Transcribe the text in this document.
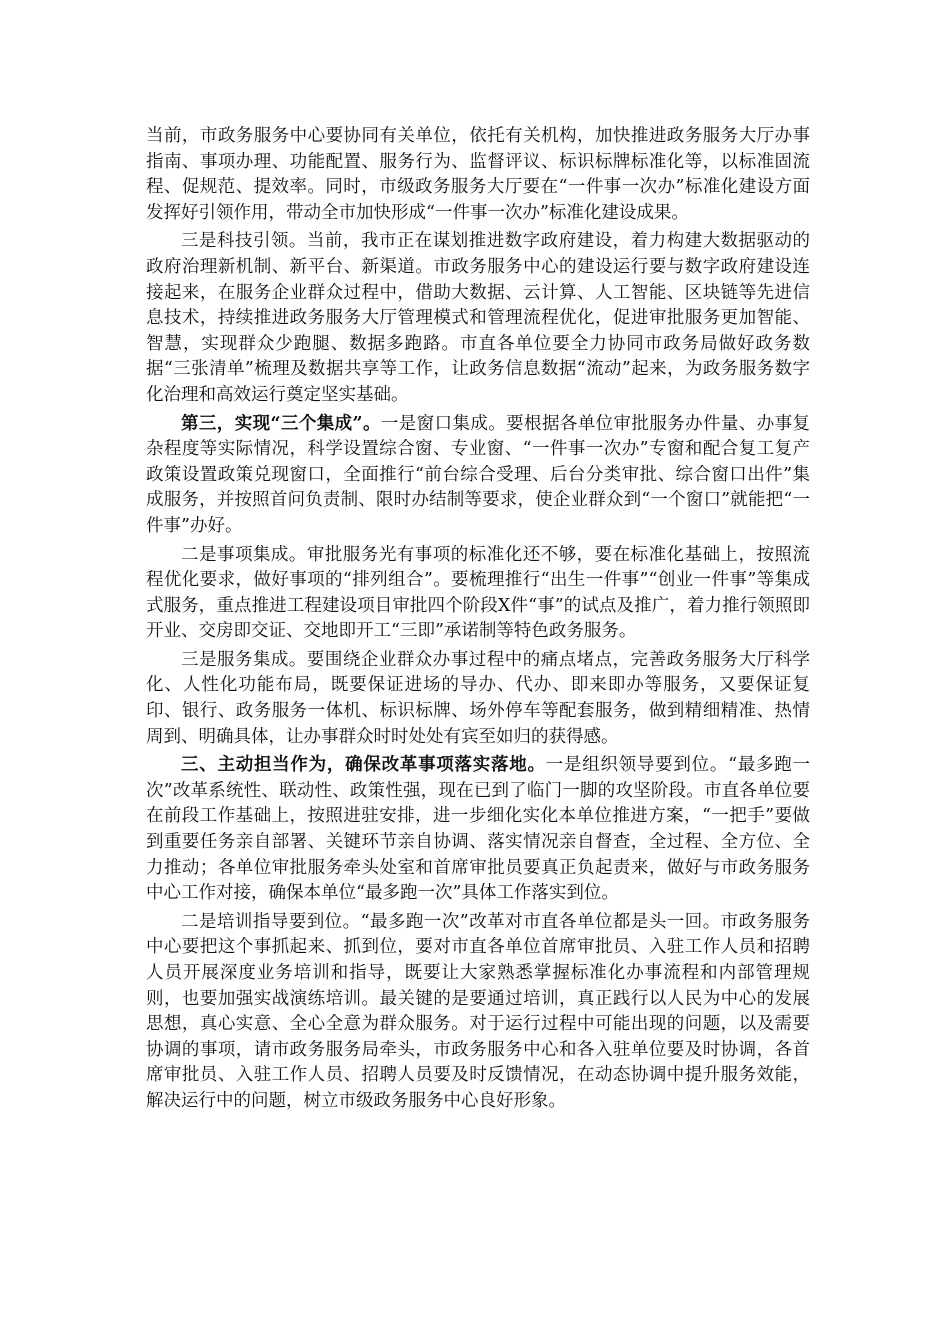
当前，市政务服务中心要协同有关单位，依托有关机构，加快推进政务服务大厅办事指南、事项办理、功能配置、服务行为、监督评议、标识标牌标准化等，以标准固流程、促规范、提效率。同时，市级政务服务大厅要在“一件事一次办”标准化建设方面发挥好引领作用，带动全市加快形成“一件事一次办”标准化建设成果。

三是科技引领。当前，我市正在谋划推进数字政府建设，着力构建大数据驱动的政府治理新机制、新平台、新渠道。市政务服务中心的建设运行要与数字政府建设连接起来，在服务企业群众过程中，借助大数据、云计算、人工智能、区块链等先进信息技术，持续推进政务服务大厅管理模式和管理流程优化，促进审批服务更加智能、智慧，实现群众少跑腿、数据多跑路。市直各单位要全力协同市政务局做好政务数据“三张清单”梳理及数据共享等工作，让政务信息数据“流动”起来，为政务服务数字化治理和高效运行奠定坚实基础。

第三，实现“三个集成”。一是窗口集成。要根据各单位审批服务办件量、办事复杂程度等实际情况，科学设置综合窗、专业窗、“一件事一次办”专窗和配合复工复产政策设置政策兑现窗口，全面推行“前台综合受理、后台分类审批、综合窗口出件”集成服务，并按照首问负责制、限时办结制等要求，使企业群众到“一个窗口”就能把“一件事”办好。

二是事项集成。审批服务光有事项的标准化还不够，要在标准化基础上，按照流程优化要求，做好事项的“排列组合”。要梳理推行“出生一件事”“创业一件事”等集成式服务，重点推进工程建设项目审批四个阶段X件“事”的试点及推广，着力推行领照即开业、交房即交证、交地即开工“三即”承诺制等特色政务服务。

三是服务集成。要围绕企业群众办事过程中的痛点堵点，完善政务服务大厅科学化、人性化功能布局，既要保证进场的导办、代办、即来即办等服务，又要保证复印、银行、政务服务一体机、标识标牌、场外停车等配套服务，做到精细精准、热情周到、明确具体，让办事群众时时处处有宾至如归的获得感。

三、主动担当作为，确保改革事项落实落地。一是组织领导要到位。“最多跑一次”改革系统性、联动性、政策性强，现在已到了临门一脚的攻坚阶段。市直各单位要在前段工作基础上，按照进驻安排，进一步细化实化本单位推进方案，“一把手”要做到重要任务亲自部署、关键环节亲自协调、落实情况亲自督查，全过程、全方位、全力推动；各单位审批服务牵头处室和首席审批员要真正负起责来，做好与市政务服务中心工作对接，确保本单位“最多跑一次”具体工作落实到位。

二是培训指导要到位。“最多跑一次”改革对市直各单位都是头一回。市政务服务中心要把这个事抓起来、抓到位，要对市直各单位首席审批员、入驻工作人员和招聘人员开展深度业务培训和指导，既要让大家熟悉掌握标准化办事流程和内部管理规则，也要加强实战演练培训。最关键的是要通过培训，真正践行以人民为中心的发展思想，真心实意、全心全意为群众服务。对于运行过程中可能出现的问题，以及需要协调的事项，请市政务服务局牵头，市政务服务中心和各入驻单位要及时协调，各首席审批员、入驻工作人员、招聘人员要及时反馈情况，在动态协调中提升服务效能，解决运行中的问题，树立市级政务服务中心良好形象。
